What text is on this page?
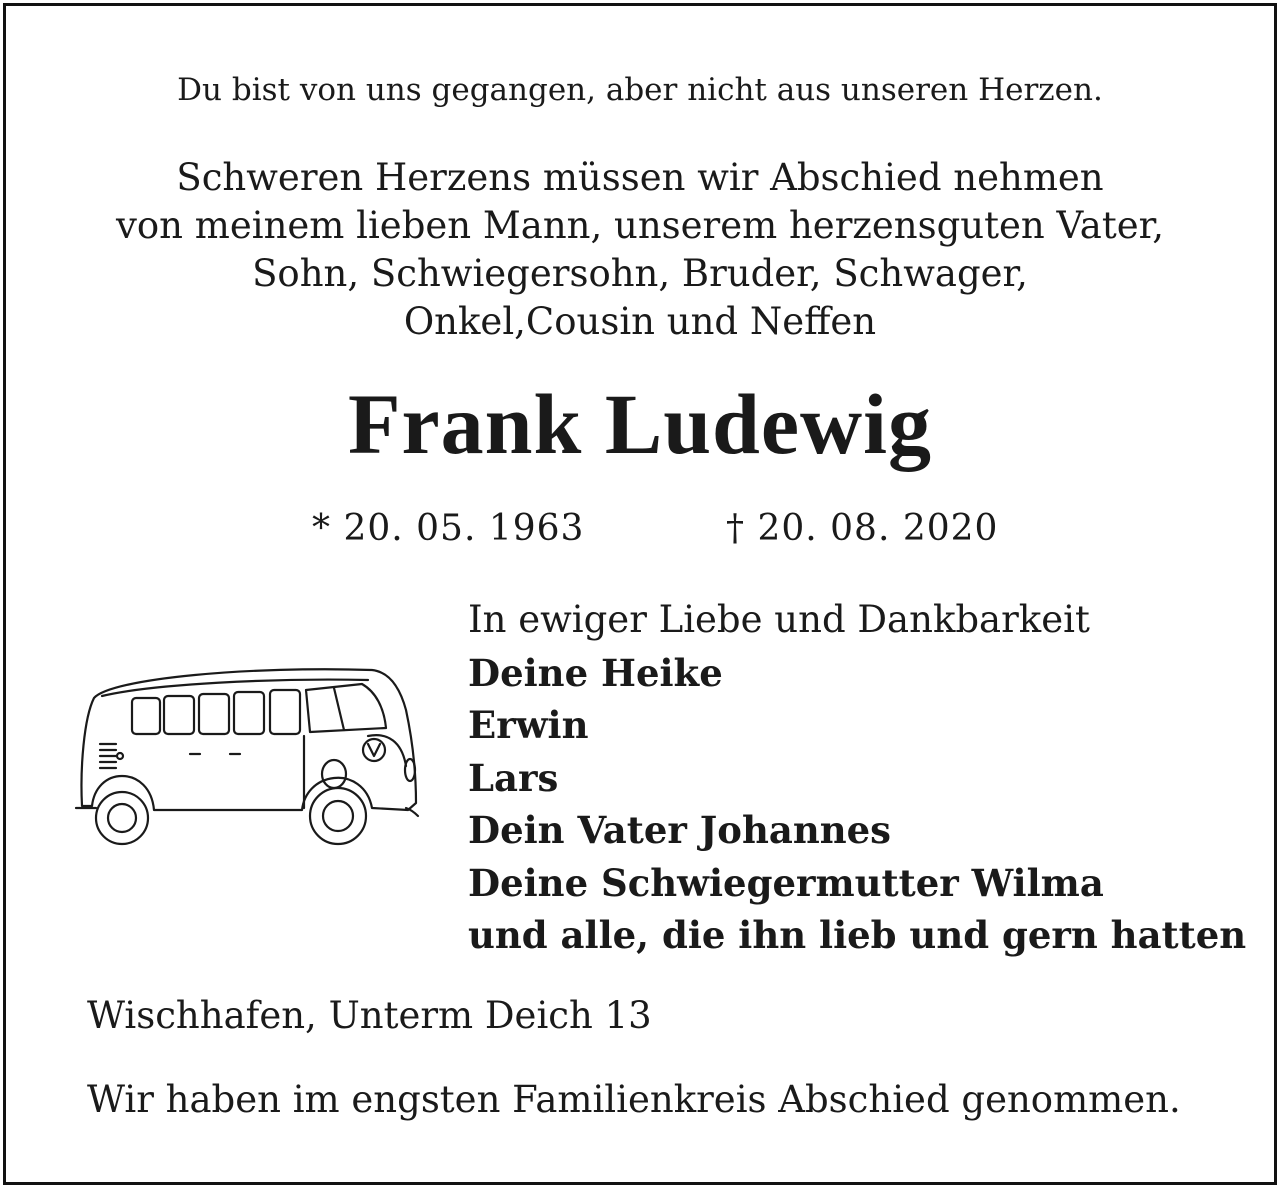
Du bist von uns gegangen, aber nicht aus unseren Herzen.
Schweren Herzens müssen wir Abschied nehmen
von meinem lieben Mann, unserem herzensguten Vater,
Sohn, Schwiegersohn, Bruder, Schwager,
Onkel,Cousin und Neffen
Frank Ludewig
* 20. 05. 1963	† 20. 08. 2020
In ewiger Liebe und Dankbarkeit
Deine Heike
Erwin
Lars
Dein Vater Johannes
Deine Schwiegermutter Wilma
und alle, die ihn lieb und gern hatten
Wischhafen, Unterm Deich 13
Wir haben im engsten Familienkreis Abschied genommen.
